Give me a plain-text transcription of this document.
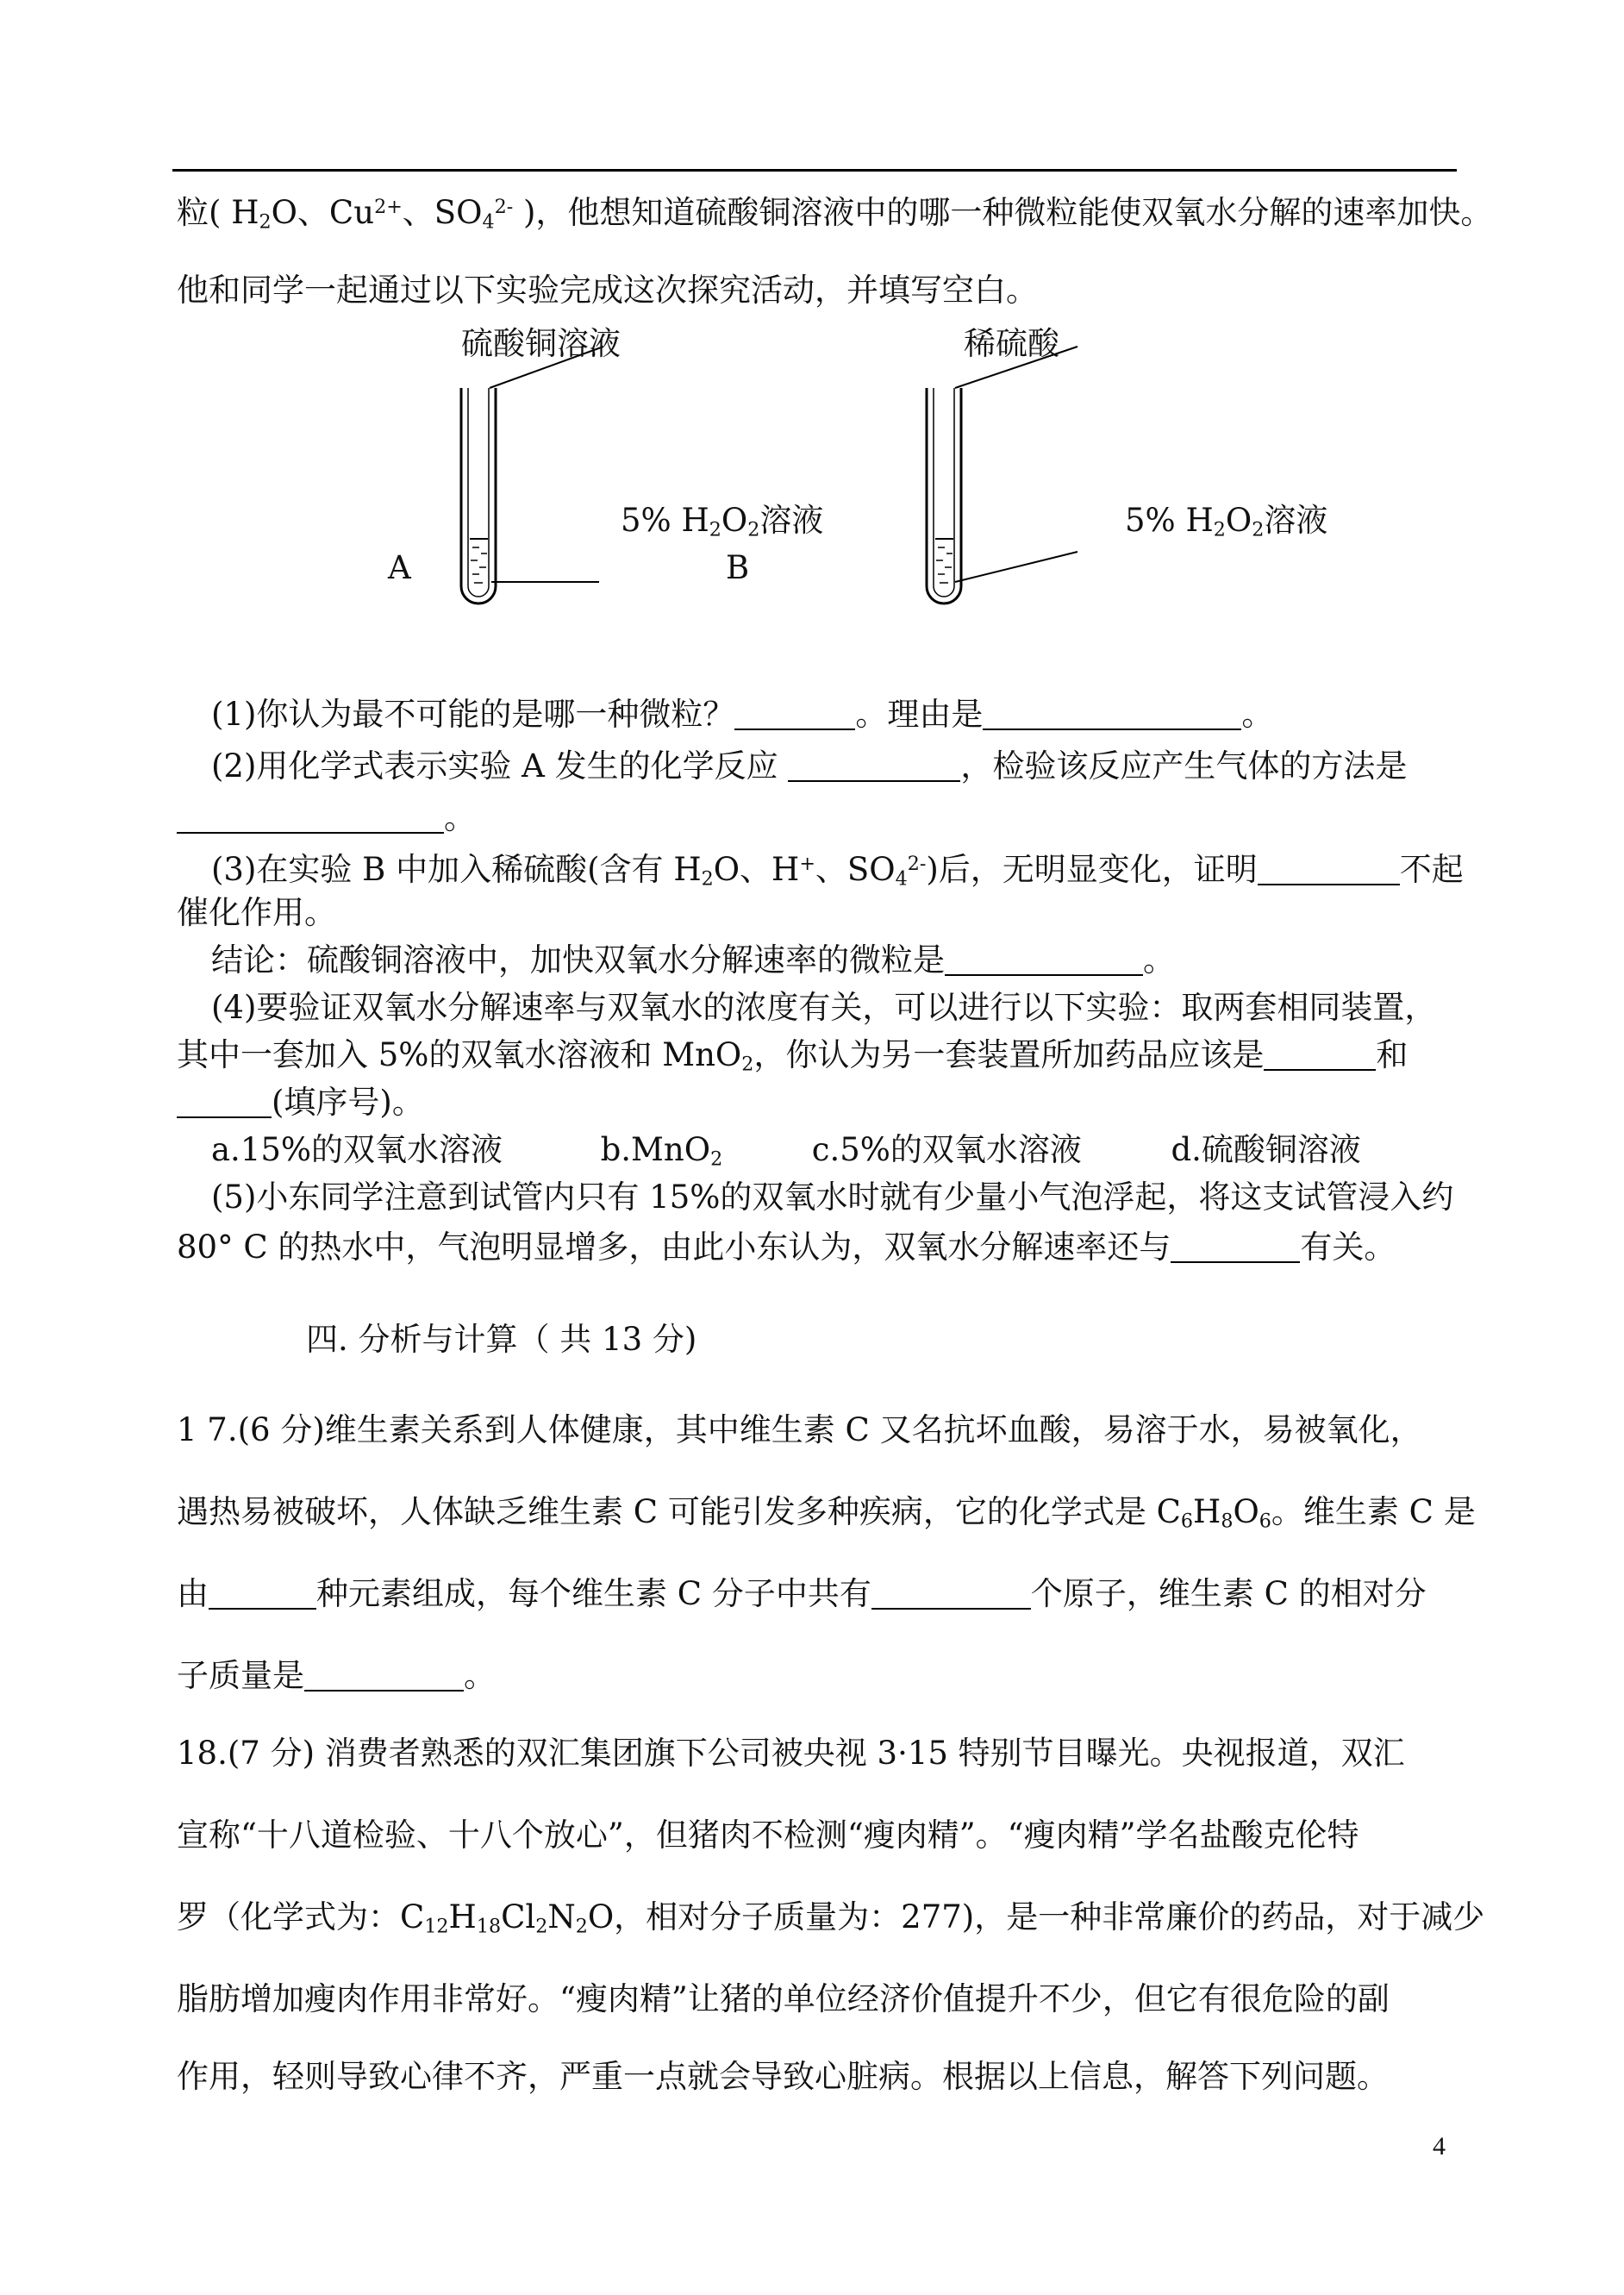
粒( $H_2O$、$Cu^{2+}$、$SO_4^{2-}$ )，他想知道硫酸铜溶液中的哪一种微粒能使双氧水分解的速率加快。
他和同学一起通过以下实验完成这次探究活动，并填写空白。
硫酸铜溶液	稀硫酸
A	B
5% $H_2O_2$溶液	5% $H_2O_2$溶液
(1)你认为最不可能的是哪一种微粒？	。理由是	。
(2)用化学式表示实验 A 发生的化学反应	，检验该反应产生气体的方法是
。
(3)在实验 B 中加入稀硫酸(含有 $H_2O$、H+、$SO_4^{2-}$)后，无明显变化，证明	不起
催化作用。
结论：硫酸铜溶液中，加快双氧水分解速率的微粒是	。
(4)要验证双氧水分解速率与双氧水的浓度有关，可以进行以下实验：取两套相同装置，
其中一套加入 5%的双氧水溶液和 MnO$_2$，你认为另一套装置所加药品应该是	和
(填序号)。
a.15%的双氧水溶液	b.MnO$_2$	c.5%的双氧水溶液	d.硫酸铜溶液
(5)小东同学注意到试管内只有 15%的双氧水时就有少量小气泡浮起，将这支试管浸入约
80° C 的热水中，气泡明显增多，由此小东认为，双氧水分解速率还与	有关。
四. 分析与计算（ 共 13 分)
1 7.(6 分)维生素关系到人体健康，其中维生素 C 又名抗坏血酸，易溶于水，易被氧化，
遇热易被破坏，人体缺乏维生素 C 可能引发多种疾病，它的化学式是 $C_6H_8O_6$。维生素 C 是
由	种元素组成，每个维生素 C 分子中共有	个原子，维生素 C 的相对分
子质量是	。
18.(7 分) 消费者熟悉的双汇集团旗下公司被央视 3·15 特别节目曝光。央视报道，双汇
宣称“十八道检验、十八个放心”，但猪肉不检测“瘦肉精”。“瘦肉精”学名盐酸克伦特
罗（化学式为：$C_{12}H_{18}Cl_2N_2O$，相对分子质量为：277)，是一种非常廉价的药品，对于减少
脂肪增加瘦肉作用非常好。“瘦肉精”让猪的单位经济价值提升不少，但它有很危险的副
作用，轻则导致心律不齐，严重一点就会导致心脏病。根据以上信息，解答下列问题。
4
